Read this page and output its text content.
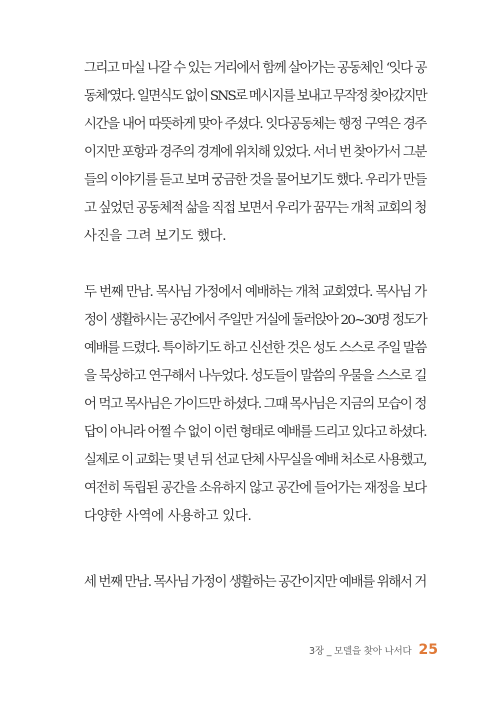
그리고 마실 나갈 수 있는 거리에서 함께 살아가는 공동체인 ‘잇다 공
동체’였다. 일면식도 없이 SNS로 메시지를 보내고 무작정 찾아갔지만
시간을 내어 따뜻하게 맞아 주셨다. 잇다공동체는 행정 구역은 경주
이지만 포항과 경주의 경계에 위치해 있었다. 서너 번 찾아가서 그분
들의 이야기를 듣고 보며 궁금한 것을 물어보기도 했다. 우리가 만들
고 싶었던 공동체적 삶을 직접 보면서 우리가 꿈꾸는 개척 교회의 청
사진을 그려 보기도 했다.
두 번째 만남. 목사님 가정에서 예배하는 개척 교회였다. 목사님 가
정이 생활하시는 공간에서 주일만 거실에 둘러앉아 20~30명 정도가
예배를 드렸다. 특이하기도 하고 신선한 것은 성도 스스로 주일 말씀
을 묵상하고 연구해서 나누었다. 성도들이 말씀의 우물을 스스로 길
어 먹고 목사님은 가이드만 하셨다. 그때 목사님은 지금의 모습이 정
답이 아니라 어쩔 수 없이 이런 형태로 예배를 드리고 있다고 하셨다.
실제로 이 교회는 몇 년 뒤 선교 단체 사무실을 예배 처소로 사용했고,
여전히 독립된 공간을 소유하지 않고 공간에 들어가는 재정을 보다
다양한 사역에 사용하고 있다.
세 번째 만남. 목사님 가정이 생활하는 공간이지만 예배를 위해서 거
3장 _ 모델을 찾아 나서다 25
